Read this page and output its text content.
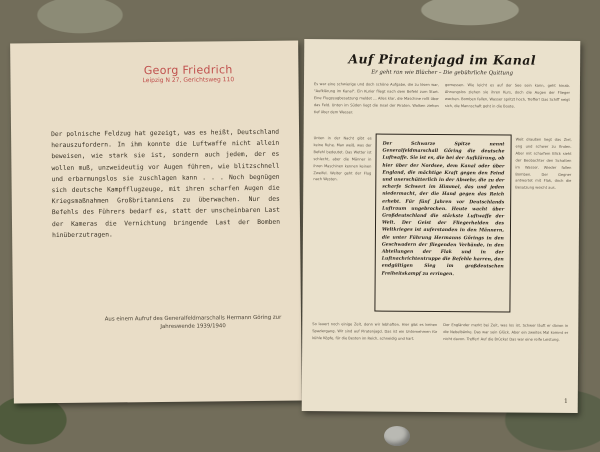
Georg Friedrich
Leipzig N 27, Gerichtsweg 110
Der polnische Feldzug hat gezeigt, was es heißt, Deutschland herauszufordern. In ihm konnte die Luftwaffe nicht allein beweisen, wie stark sie ist, sondern auch jedem, der es wollen muß, unzweideutig vor Augen führen, wie blitzschnell und erbarmungslos sie zuschlagen kann . . . Noch begnügen sich deutsche Kampfflugzeuge, mit ihren scharfen Augen die Kriegsmaßnahmen Großbritanniens zu überwachen. Nur des Befehls des Führers bedarf es, statt der unscheinbaren Last der Kameras die Vernichtung bringende Last der Bomben hinüberzutragen.
Aus einem Aufruf des Generalfeldmarschalls Hermann Göring zur Jahreswende 1939/1940
Auf Piratenjagd im Kanal
Er geht ran wie Blücher – Die gebührliche Quittung
Es war eine schwierige und doch schöne Aufgabe, die zu lösen war, "Aufklärung im Kanal". Ein Kurier fliegt nach dem Befehl zum Start. Eine Flugzeugbesatzung meldet ... Alles klar, die Maschine rollt über das Feld. Unten im Süden liegt die Insel der Piraten. Wolken ziehen tief über dem Wasser.
gemessen. Wie leicht es auf der See sein kann, geht hinab. Ahnungslos ziehen sie ihren Kurs, doch die Augen der Flieger wachen. Bomben fallen, Wasser spritzt hoch, Treffer! Das Schiff neigt sich, die Mannschaft geht in die Boote.
Unten in der Nacht gibt es keine Ruhe. Man weiß, was der Befehl bedeutet. Das Wetter ist schlecht, aber die Männer in ihren Maschinen kennen keinen Zweifel. Weiter geht der Flug nach Westen.
Der Schwarze Spitze nennt Generalfeldmarschall Göring die deutsche Luftwaffe. Sie ist es, die bei der Aufklärung, ob hier über der Nordsee, dem Kanal oder über England, die mächtige Kraft gegen den Feind und unerschütterlich in der Abwehr, die zu der scharfe Schwert im Himmel, das und jeden niedermacht, der die Hand gegen das Reich erhebt. Für fünf Jahren vor Deutschlands Luftraum ungebrochen. Heute wacht über Großdeutschland die stärkste Luftwaffe der Welt. Der Geist der Fliegerhelden des Weltkrieges ist auferstanden in den Männern, die unter Führung Hermanns Görings in den Geschwadern der fliegenden Verbände, in den Abteilungen der Flak und in der Luftnachrichtentruppe die Befehle harren, den endgültigen Sieg im großdeutschen Freiheitskampf zu erringen.
Weit draußen liegt das Ziel, eng und schwer zu finden. Aber mit scharfem Blick sieht der Beobachter den Schatten im Wasser. Wieder fallen Bomben. Der Gegner antwortet mit Flak, doch die Besatzung weicht aus.
So lauert noch einige Zeit, denn wir lebhaften. Hier gibt es keinen Spaziergang. Wir sind auf Piratenjagd. Das ist ein Unternehmen für kühle Köpfe, für die Besten im Reich, schneidig und hart.
Der Engländer merkt bei Zeit, was los ist. Schwer läuft er davon in die Nebelbänke. Das war sein Glück. Aber ein zweites Mal kommt er nicht davon. Treffer! Auf die Brücke! Das war eine reife Leistung.
1
